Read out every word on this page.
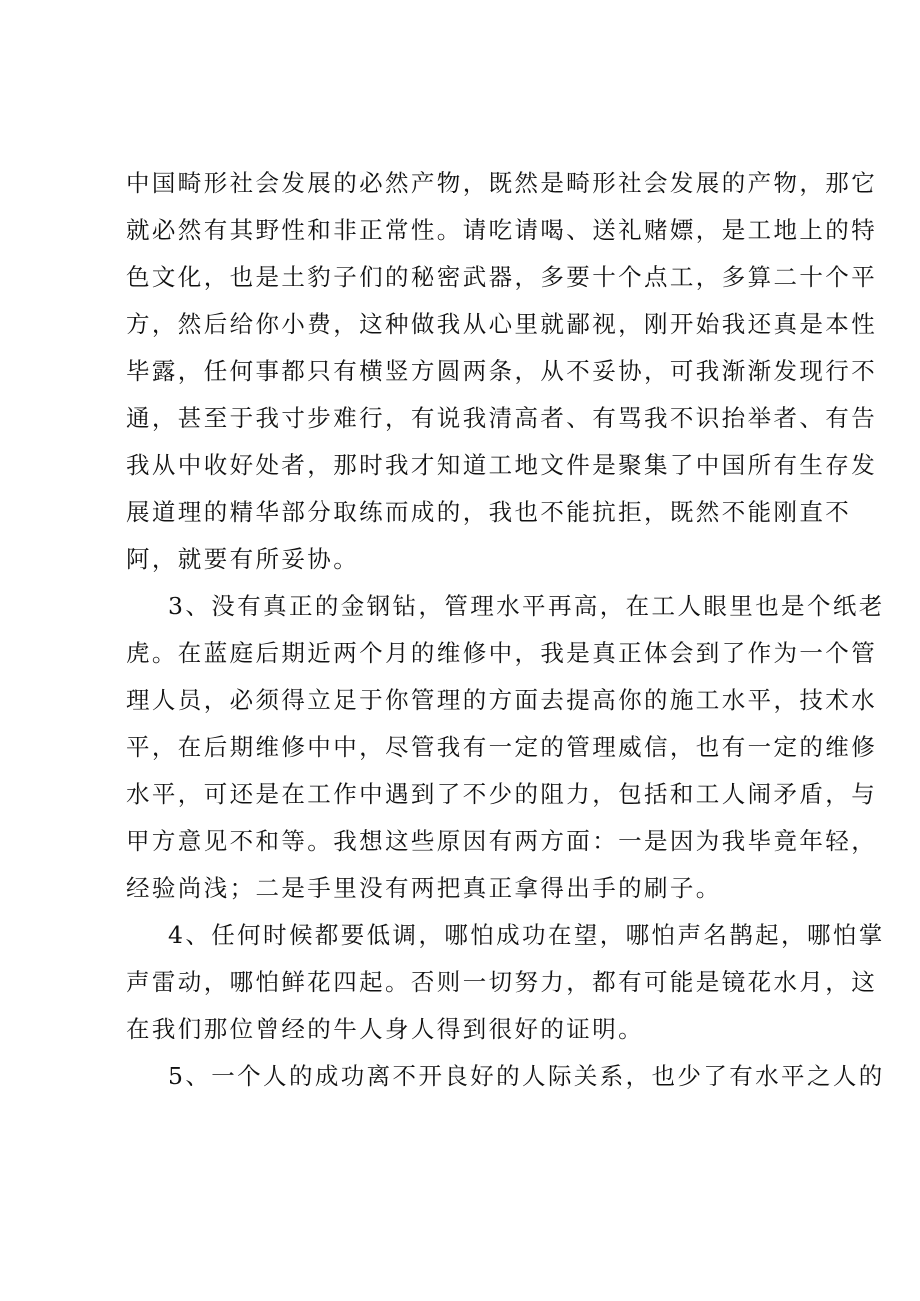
中国畸形社会发展的必然产物，既然是畸形社会发展的产物，那它
就必然有其野性和非正常性。请吃请喝、送礼赌嫖，是工地上的特
色文化，也是土豹子们的秘密武器，多要十个点工，多算二十个平
方，然后给你小费，这种做我从心里就鄙视，刚开始我还真是本性
毕露，任何事都只有横竖方圆两条，从不妥协，可我渐渐发现行不
通，甚至于我寸步难行，有说我清高者、有骂我不识抬举者、有告
我从中收好处者，那时我才知道工地文件是聚集了中国所有生存发
展道理的精华部分取练而成的，我也不能抗拒，既然不能刚直不
阿，就要有所妥协。
3、没有真正的金钢钻，管理水平再高，在工人眼里也是个纸老
虎。在蓝庭后期近两个月的维修中，我是真正体会到了作为一个管
理人员，必须得立足于你管理的方面去提高你的施工水平，技术水
平，在后期维修中中，尽管我有一定的管理威信，也有一定的维修
水平，可还是在工作中遇到了不少的阻力，包括和工人闹矛盾，与
甲方意见不和等。我想这些原因有两方面：一是因为我毕竟年轻，
经验尚浅；二是手里没有两把真正拿得出手的刷子。
4、任何时候都要低调，哪怕成功在望，哪怕声名鹊起，哪怕掌
声雷动，哪怕鲜花四起。否则一切努力，都有可能是镜花水月，这
在我们那位曾经的牛人身人得到很好的证明。
5、一个人的成功离不开良好的人际关系，也少了有水平之人的
